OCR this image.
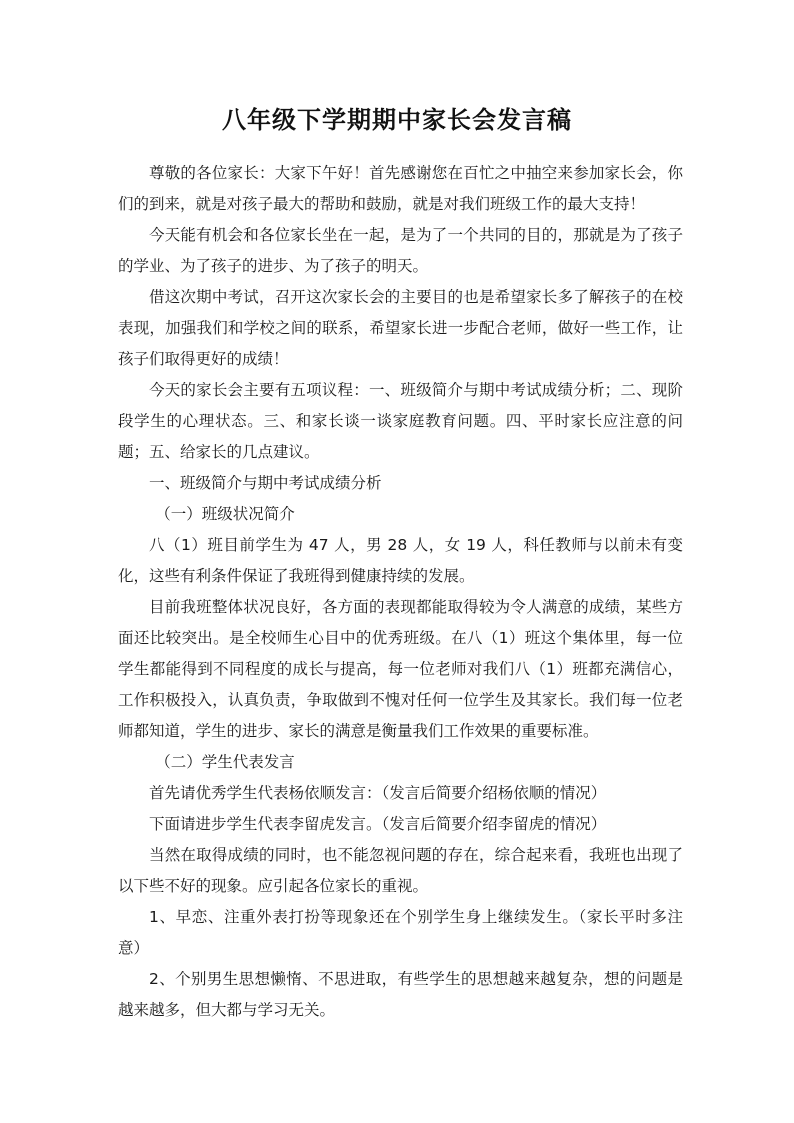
八年级下学期期中家长会发言稿

尊敬的各位家长：大家下午好！首先感谢您在百忙之中抽空来参加家长会，你们的到来，就是对孩子最大的帮助和鼓励，就是对我们班级工作的最大支持！

今天能有机会和各位家长坐在一起，是为了一个共同的目的，那就是为了孩子的学业、为了孩子的进步、为了孩子的明天。

借这次期中考试，召开这次家长会的主要目的也是希望家长多了解孩子的在校表现，加强我们和学校之间的联系，希望家长进一步配合老师，做好一些工作，让孩子们取得更好的成绩！

今天的家长会主要有五项议程：一、班级简介与期中考试成绩分析；二、现阶段学生的心理状态。三、和家长谈一谈家庭教育问题。四、平时家长应注意的问题；五、给家长的几点建议。

一、班级简介与期中考试成绩分析

（一）班级状况简介

八（1）班目前学生为 47 人，男 28 人，女 19 人，科任教师与以前未有变化，这些有利条件保证了我班得到健康持续的发展。

目前我班整体状况良好，各方面的表现都能取得较为令人满意的成绩，某些方面还比较突出。是全校师生心目中的优秀班级。在八（1）班这个集体里，每一位学生都能得到不同程度的成长与提高，每一位老师对我们八（1）班都充满信心，工作积极投入，认真负责，争取做到不愧对任何一位学生及其家长。我们每一位老师都知道，学生的进步、家长的满意是衡量我们工作效果的重要标准。

（二）学生代表发言

首先请优秀学生代表杨依顺发言：（发言后简要介绍杨依顺的情况）

下面请进步学生代表李留虎发言。（发言后简要介绍李留虎的情况）

当然在取得成绩的同时，也不能忽视问题的存在，综合起来看，我班也出现了以下些不好的现象。应引起各位家长的重视。

1、早恋、注重外表打扮等现象还在个别学生身上继续发生。（家长平时多注意）

2、个别男生思想懒惰、不思进取，有些学生的思想越来越复杂，想的问题是越来越多，但大都与学习无关。
